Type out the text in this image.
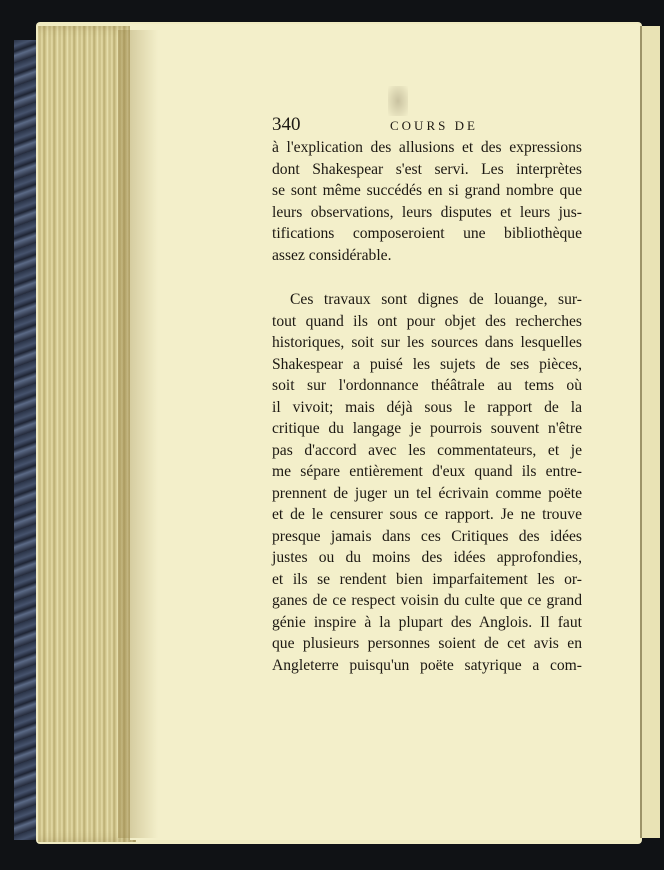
340	COURS DE
à l'explication des allusions et des expressions
dont Shakespear s'est servi. Les interprètes
se sont même succédés en si grand nombre que
leurs observations, leurs disputes et leurs jus-
tifications composeroient une bibliothèque
assez considérable.
Ces travaux sont dignes de louange, sur-
tout quand ils ont pour objet des recherches
historiques, soit sur les sources dans lesquelles
Shakespear a puisé les sujets de ses pièces,
soit sur l'ordonnance théâtrale au tems où
il vivoit; mais déjà sous le rapport de la
critique du langage je pourrois souvent n'être
pas d'accord avec les commentateurs, et je
me sépare entièrement d'eux quand ils entre-
prennent de juger un tel écrivain comme poëte
et de le censurer sous ce rapport. Je ne trouve
presque jamais dans ces Critiques des idées
justes ou du moins des idées approfondies,
et ils se rendent bien imparfaitement les or-
ganes de ce respect voisin du culte que ce grand
génie inspire à la plupart des Anglois. Il faut
que plusieurs personnes soient de cet avis en
Angleterre puisqu'un poëte satyrique a com-
